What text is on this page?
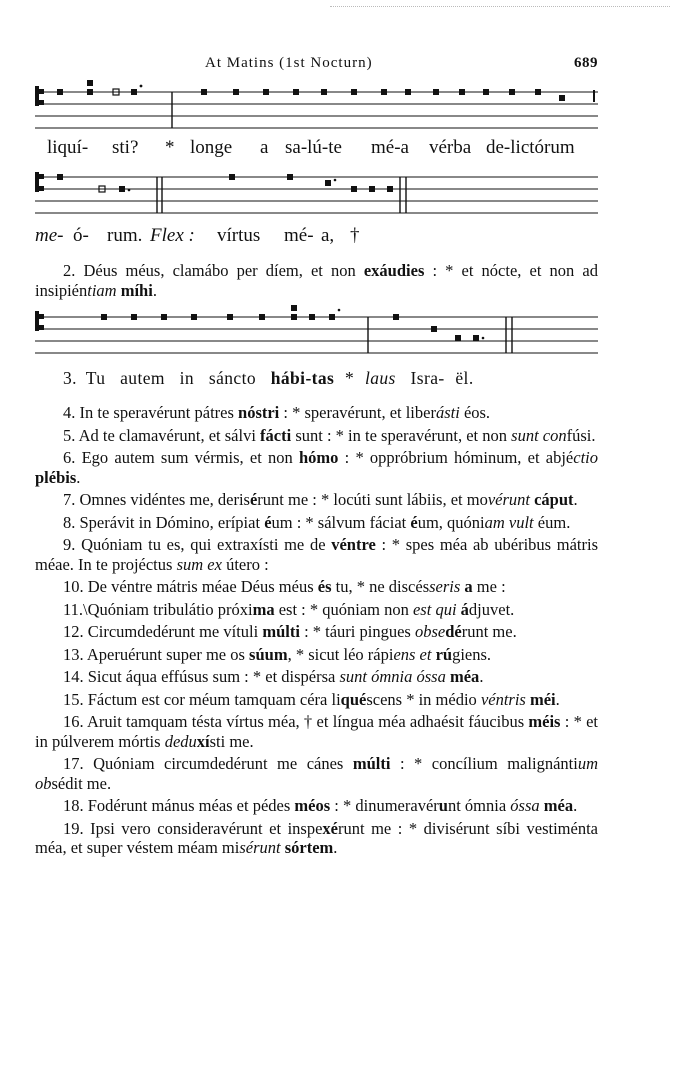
At Matins (1st Nocturn)	689
liquí- sti? * longe a sa-lú-te mé-a vérba de-lictórum
me- ó- rum. Flex : vírtus mé- a, †

2. Déus méus, clamábo per díem, et non exáudies : * et nócte, et non ad insipiéntiam míhi.

3. Tu autem in sáncto hábi-tas * laus Isra- ël.

4. In te speravérunt pátres nóstri : * speravérunt, et liberásti éos.

5. Ad te clamavérunt, et sálvi fácti sunt : * in te speravérunt, et non sunt confúsi.

6. Ego autem sum vérmis, et non hómo : * oppróbrium hóminum, et abjéctio plébis.

7. Omnes vidéntes me, derisérunt me : * locúti sunt lábiis, et movérunt cáput.

8. Sperávit in Dómino, erípiat éum : * sálvum fáciat éum, quóniam vult éum.

9. Quóniam tu es, qui extraxísti me de véntre : * spes méa ab ubéribus mátris méae. In te projéctus sum ex útero :

10. De véntre mátris méae Déus méus és tu, * ne discésseris a me :

11.\Quóniam tribulátio próxima est : * quóniam non est qui ádjuvet.

12. Circumdedérunt me vítuli múlti : * táuri pingues obsedérunt me.

13. Aperuérunt super me os súum, * sicut léo rápiens et rúgiens.

14. Sicut áqua effúsus sum : * et dispérsa sunt ómnia óssa méa.

15. Fáctum est cor méum tamquam céra liquéscens * in médio véntris méi.

16. Aruit tamquam tésta vírtus méa, † et língua méa adhaésit fáucibus méis : * et in púlverem mórtis deduxísti me.

17. Quóniam circumdedérunt me cánes múlti : * concílium malignántium obsédit me.

18. Fodérunt mánus méas et pédes méos : * dinumeravérunt ómnia óssa méa.

19. Ipsi vero consideravérunt et inspexérunt me : * divisérunt síbi vestiménta méa, et super véstem méam misérunt sórtem.
